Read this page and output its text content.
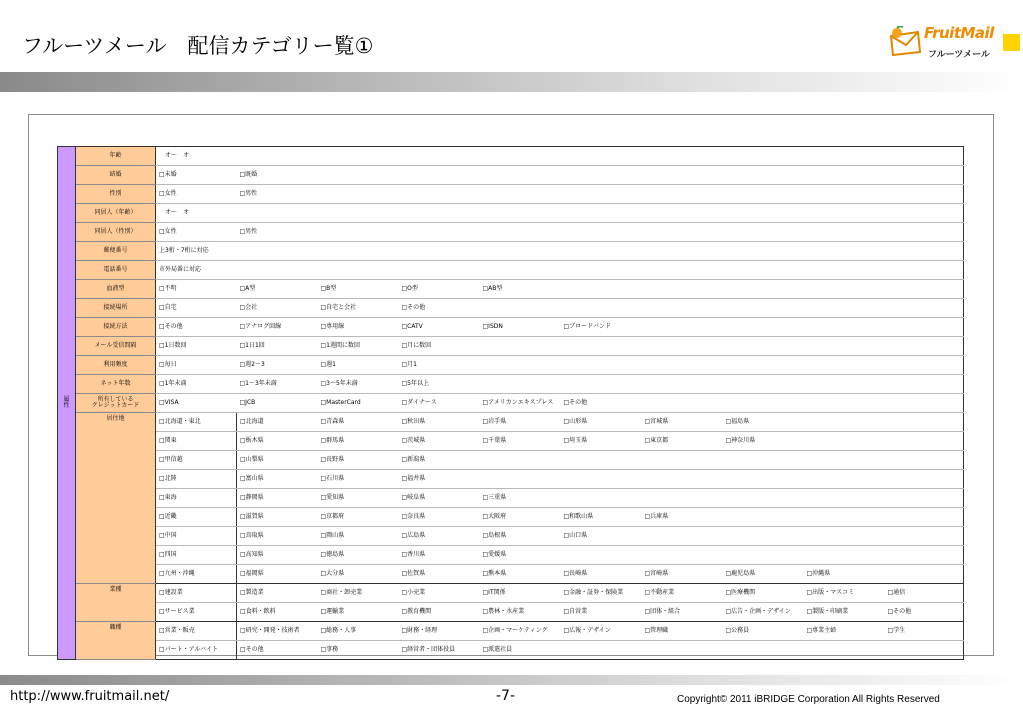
フルーツメール　配信カテゴリー覧①
FruitMail
フルーツメール
属
性	年齢	　オ～　オ									
	結婚	□未婚	□既婚								
	性別	□女性	□男性								
	同居人（年齢）	　オ～　オ									
	同居人（性別）	□女性	□男性								
	郵便番号	上3桁・7桁に対応									
	電話番号	市外局番に対応									
	血液型	□不明	□A型	□B型	□O型	□AB型					
	接続場所	□自宅	□会社	□自宅と会社	□その他						
	接続方法	□その他	□アナログ回線	□専用線	□CATV	□ISDN	□ブロードバンド				
	メール受信間隔	□1日数回	□1日1回	□1週間に数回	□月に数回						
	利用頻度	□毎日	□週2～3	□週1	□月1						
	ネット年数	□1年未満	□1～3年未満	□3～5年未満	□5年以上						
	所有している
クレジットカード	□VISA	□JCB	□MasterCard	□ダイナース	□アメリカンエキスプレス	□その他				
	居住地	□北海道・東北	□北海道	□青森県	□秋田県	□岩手県	□山形県	□宮城県	□福島県		
		□関東	□栃木県	□群馬県	□茨城県	□千葉県	□埼玉県	□東京都	□神奈川県		
		□甲信越	□山梨県	□長野県	□新潟県						
		□北陸	□富山県	□石川県	□福井県						
		□東海	□静岡県	□愛知県	□岐阜県	□三重県					
		□近畿	□滋賀県	□京都府	□奈良県	□大阪府	□和歌山県	□兵庫県			
		□中国	□鳥取県	□岡山県	□広島県	□島根県	□山口県				
		□四国	□高知県	□徳島県	□香川県	□愛媛県					
		□九州・沖縄	□福岡県	□大分県	□佐賀県	□熊本県	□長崎県	□宮崎県	□鹿児島県	□沖縄県	
	業種	□建設業	□製造業	□商社・卸売業	□小売業	□IT関係	□金融・証券・保険業	□不動産業	□医療機関	□出版・マスコミ	□通信
		□サービス業	□食料・飲料	□運輸業	□教育機関	□農林・水産業	□自営業	□団体・組合	□広告・企画・デザイン	□製版・印刷業	□その他
	職種	□営業・販売	□研究・開発・技術者	□総務・人事	□財務・経理	□企画・マーケティング	□広報・デザイン	□管理職	□公務員	□専業主婦	□学生
		□パート・アルバイト	□その他	□事務	□経営者・団体役員	□派遣社員					
http://www.fruitmail.net/	-7-	Copyright© 2011 iBRIDGE Corporation All Rights Reserved
